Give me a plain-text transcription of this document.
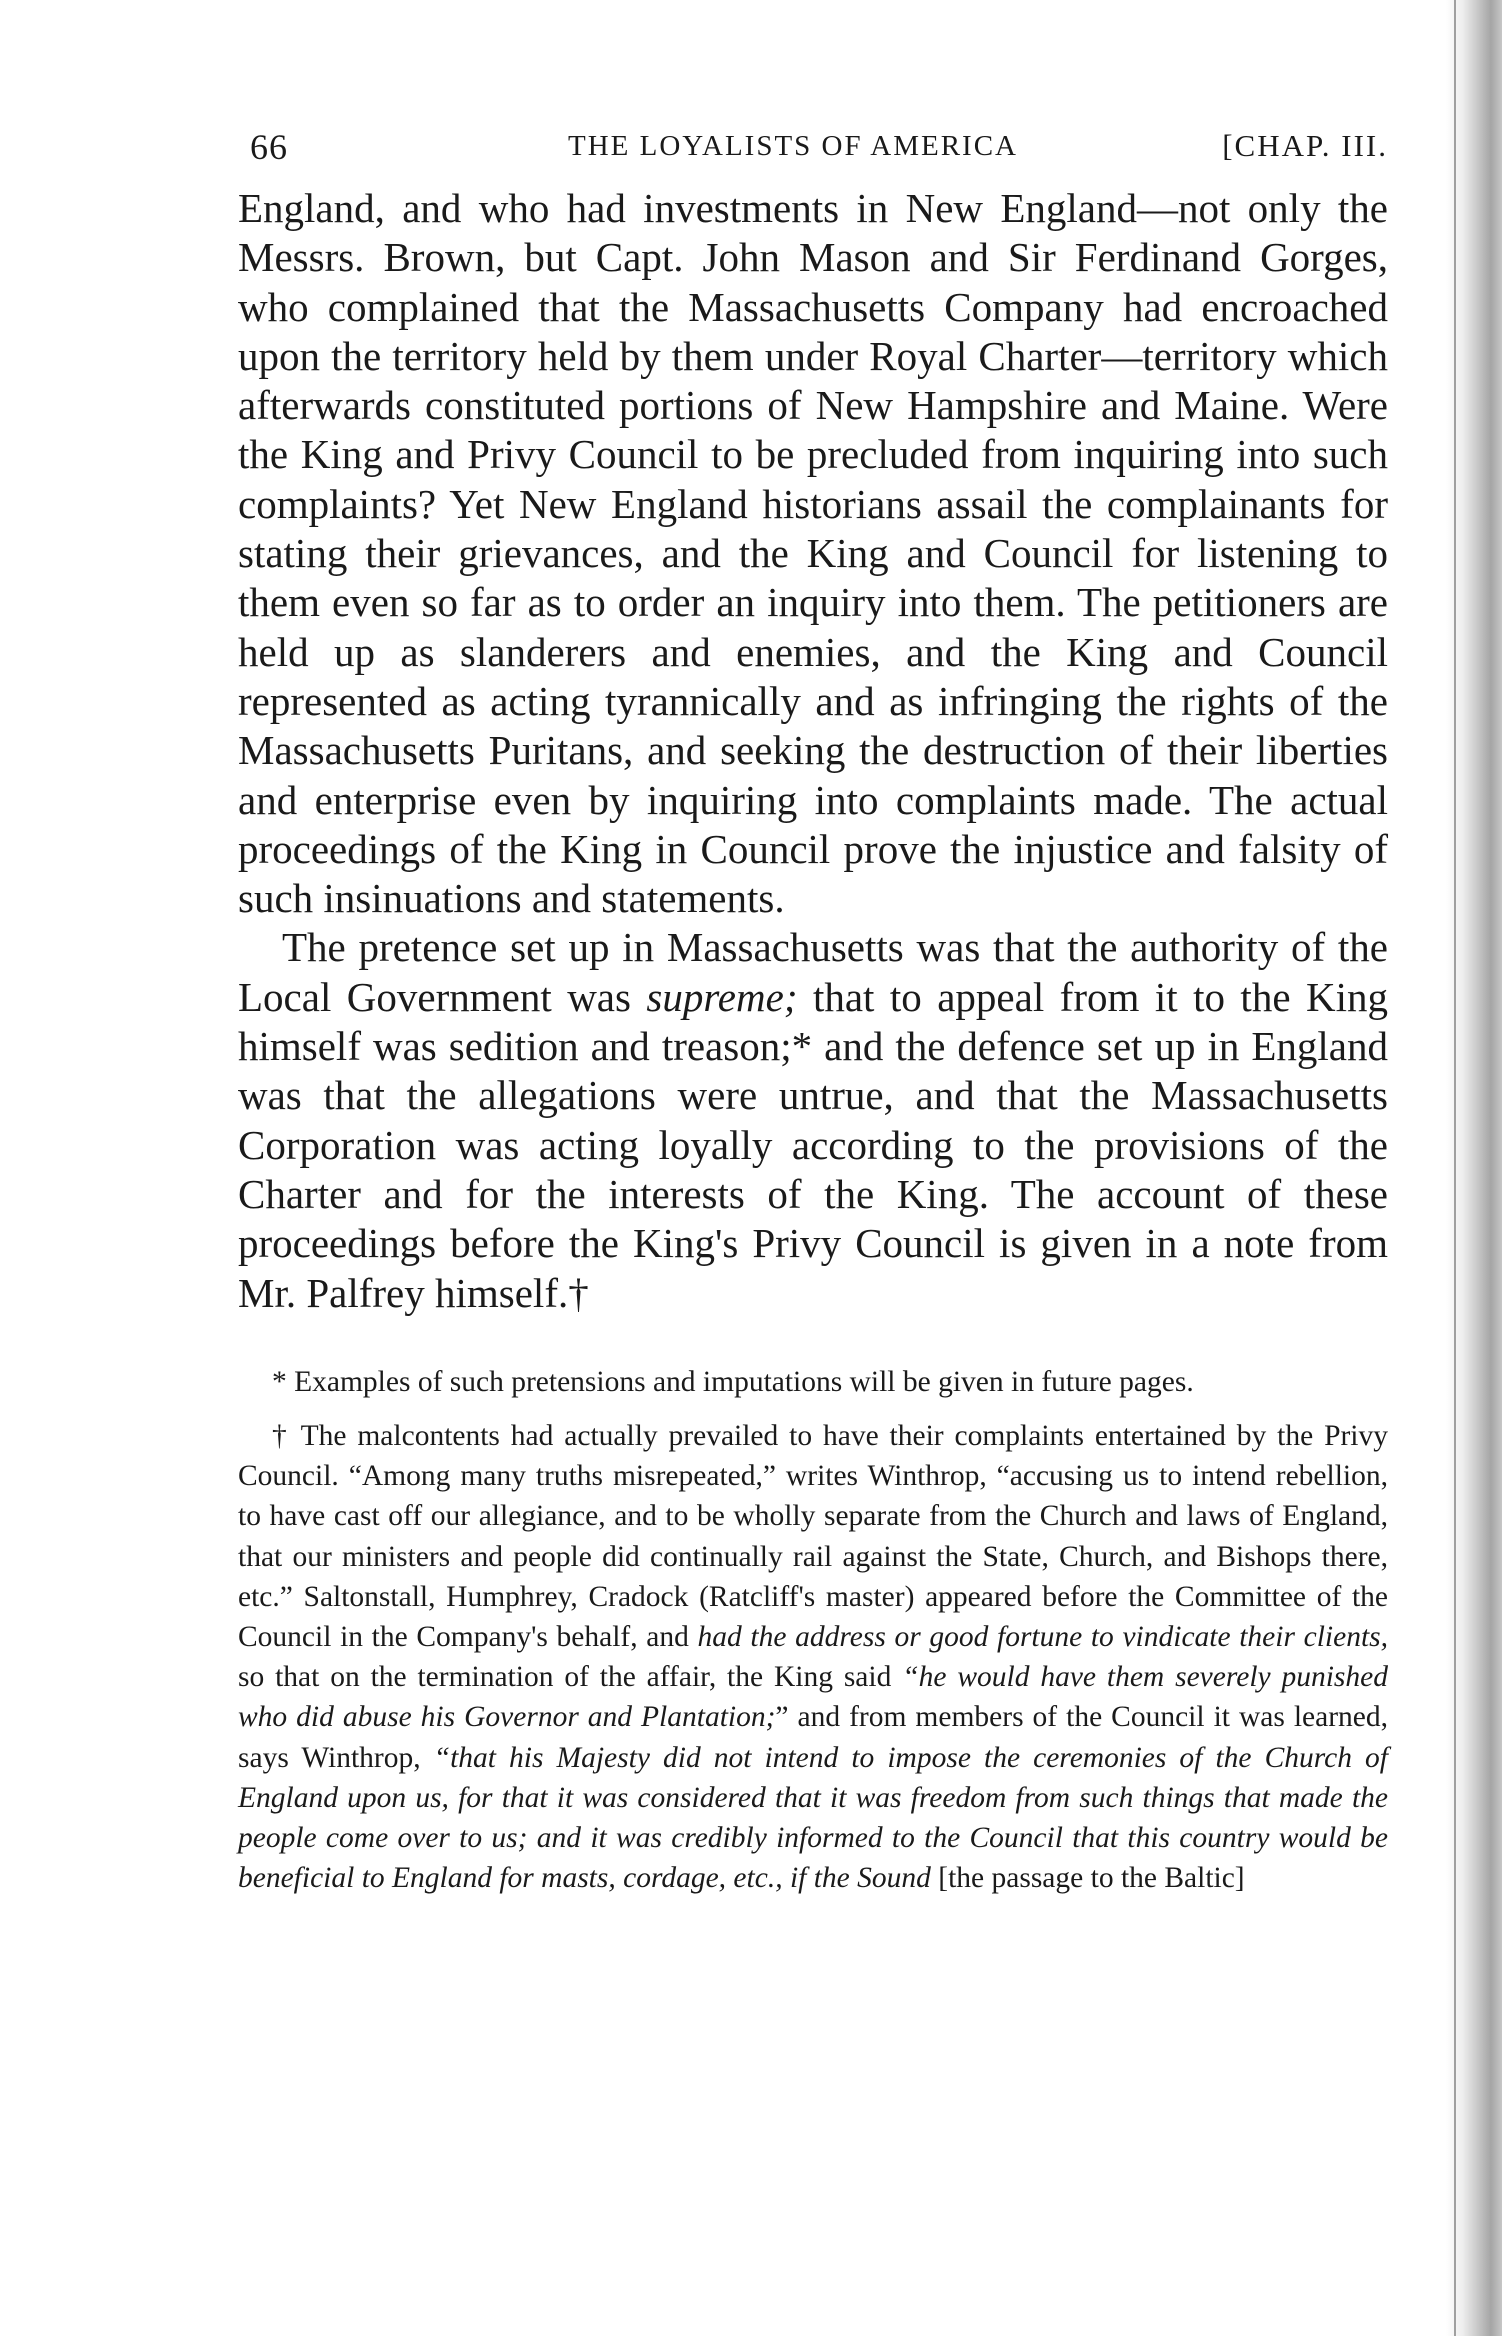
66	THE LOYALISTS OF AMERICA	[CHAP. III.

England, and who had investments in New England—not only the Messrs. Brown, but Capt. John Mason and Sir Ferdinand Gorges, who complained that the Massachusetts Company had encroached upon the territory held by them under Royal Charter—territory which afterwards constituted portions of New Hampshire and Maine. Were the King and Privy Council to be precluded from inquiring into such complaints? Yet New England historians assail the complainants for stating their grievances, and the King and Council for listening to them even so far as to order an inquiry into them. The petitioners are held up as slanderers and enemies, and the King and Council represented as acting tyrannically and as infringing the rights of the Massachusetts Puritans, and seeking the destruction of their liberties and enterprise even by inquiring into complaints made. The actual proceedings of the King in Council prove the injustice and falsity of such insinuations and statements.

The pretence set up in Massachusetts was that the authority of the Local Government was supreme; that to appeal from it to the King himself was sedition and treason;* and the defence set up in England was that the allegations were untrue, and that the Massachusetts Corporation was acting loyally according to the provisions of the Charter and for the interests of the King. The account of these proceedings before the King's Privy Council is given in a note from Mr. Palfrey himself.†

* Examples of such pretensions and imputations will be given in future pages.

† The malcontents had actually prevailed to have their complaints entertained by the Privy Council. “Among many truths misrepeated,” writes Winthrop, “accusing us to intend rebellion, to have cast off our allegiance, and to be wholly separate from the Church and laws of England, that our ministers and people did continually rail against the State, Church, and Bishops there, etc.” Saltonstall, Humphrey, Cradock (Ratcliff's master) appeared before the Committee of the Council in the Company's behalf, and had the address or good fortune to vindicate their clients, so that on the termination of the affair, the King said “he would have them severely punished who did abuse his Governor and Plantation;” and from members of the Council it was learned, says Winthrop, “that his Majesty did not intend to impose the ceremonies of the Church of England upon us, for that it was considered that it was freedom from such things that made the people come over to us; and it was credibly informed to the Council that this country would be beneficial to England for masts, cordage, etc., if the Sound [the passage to the Baltic]
